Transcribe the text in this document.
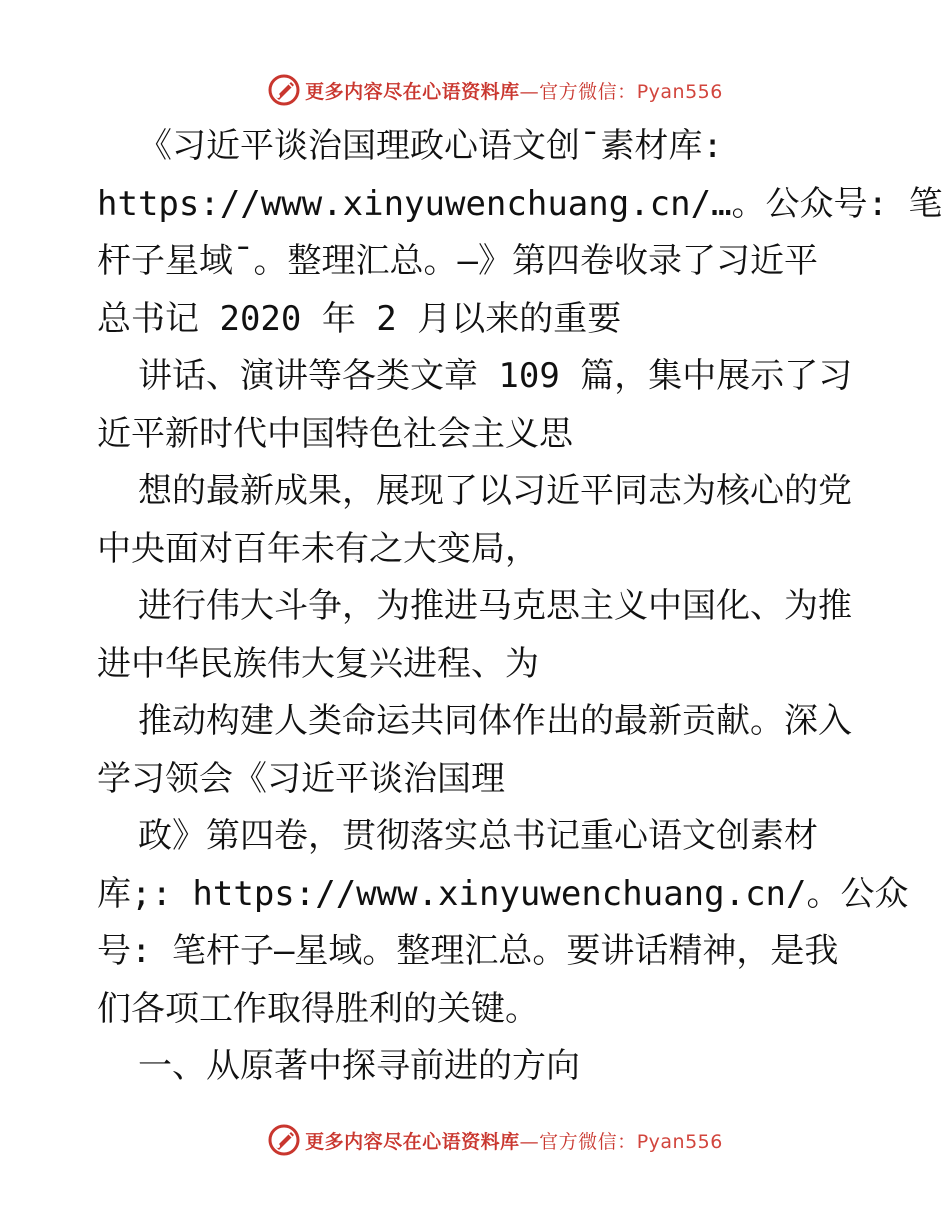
更多内容尽在心语资料库—官方微信：Pyan556
《习近平谈治国理政心语文创¯素材库:
https://www.xinyuwenchuang.cn/…。公众号: 笔
杆子星域¯。整理汇总。—》第四卷收录了习近平
总书记 2020 年 2 月以来的重要
讲话、演讲等各类文章 109 篇，集中展示了习
近平新时代中国特色社会主义思
想的最新成果，展现了以习近平同志为核心的党
中央面对百年未有之大变局，
进行伟大斗争，为推进马克思主义中国化、为推
进中华民族伟大复兴进程、为
推动构建人类命运共同体作出的最新贡献。深入
学习领会《习近平谈治国理
政》第四卷，贯彻落实总书记重心语文创素材
库;: https://www.xinyuwenchuang.cn/。公众
号: 笔杆子—星域。整理汇总。要讲话精神，是我
们各项工作取得胜利的关键。
一、从原著中探寻前进的方向
更多内容尽在心语资料库—官方微信：Pyan556
